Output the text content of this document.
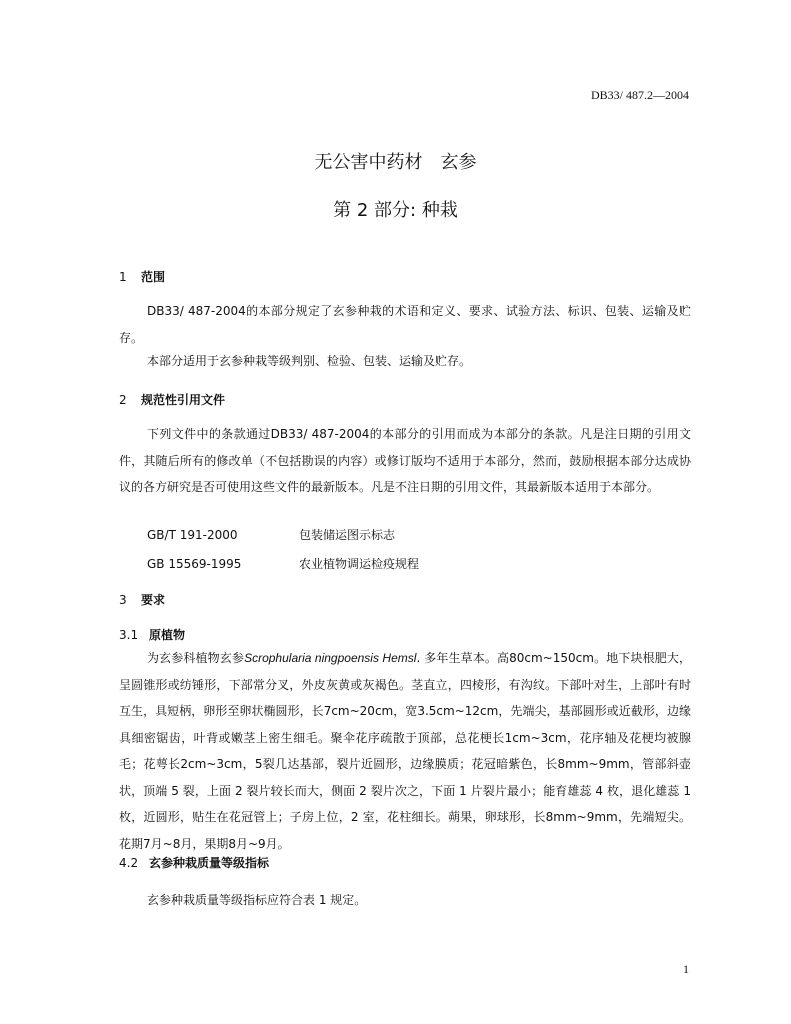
DB33/ 487.2—2004
无公害中药材　玄参
第 2 部分: 种栽
1 范围
DB33/ 487-2004的本部分规定了玄参种栽的术语和定义、要求、试验方法、标识、包装、运输及贮存。
本部分适用于玄参种栽等级判别、检验、包装、运输及贮存。
2 规范性引用文件
下列文件中的条款通过DB33/ 487-2004的本部分的引用而成为本部分的条款。凡是注日期的引用文件，其随后所有的修改单（不包括勘误的内容）或修订版均不适用于本部分，然而，鼓励根据本部分达成协议的各方研究是否可使用这些文件的最新版本。凡是不注日期的引用文件，其最新版本适用于本部分。
GB/T 191-2000	包装储运图示标志
GB 15569-1995	农业植物调运检疫规程
3 要求
3.1 原植物
为玄参科植物玄参Scrophularia ningpoensis Hemsl. 多年生草本。高80cm~150cm。地下块根肥大，呈圆锥形或纺锤形，下部常分叉，外皮灰黄或灰褐色。茎直立，四棱形，有沟纹。下部叶对生，上部叶有时互生，具短柄，卵形至卵状椭圆形，长7cm~20cm，宽3.5cm~12cm，先端尖，基部圆形或近截形，边缘具细密锯齿，叶背或嫩茎上密生细毛。聚伞花序疏散于顶部，总花梗长1cm~3cm，花序轴及花梗均被腺毛；花萼长2cm~3cm，5裂几达基部，裂片近圆形，边缘膜质；花冠暗紫色，长8mm~9mm，管部斜壶状，顶端 5 裂，上面 2 裂片较长而大，侧面 2 裂片次之，下面 1 片裂片最小；能育雄蕊 4 枚，退化雄蕊 1 枚，近圆形，贴生在花冠管上；子房上位，2 室，花柱细长。蒴果，卵球形，长8mm~9mm，先端短尖。花期7月~8月，果期8月~9月。
4.2 玄参种栽质量等级指标
玄参种栽质量等级指标应符合表 1 规定。
1
